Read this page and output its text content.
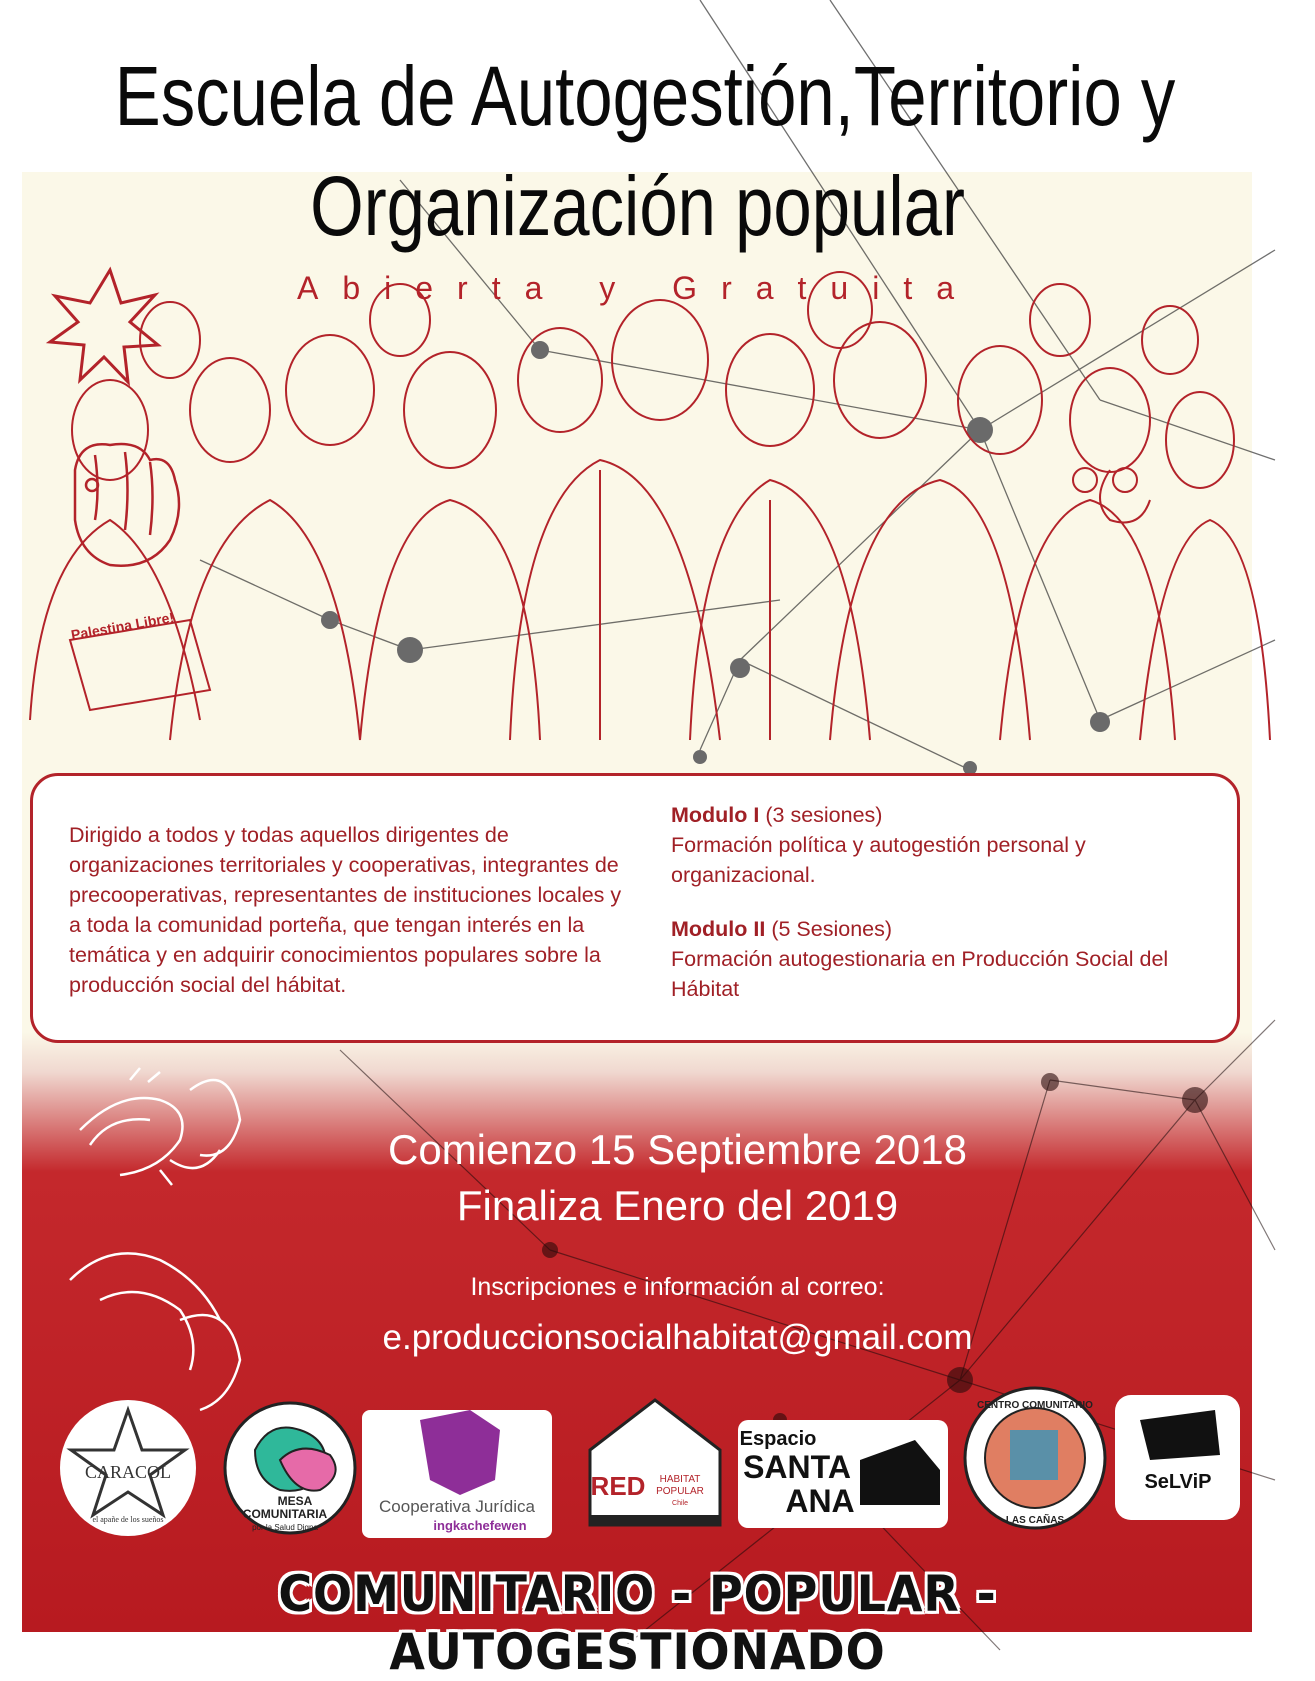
Palestina Libre!
Escuela de Autogestión,Territorio y
Organización popular
Abierta y Gratuita
Dirigido a todos y todas aquellos dirigentes de organizaciones territoriales y cooperativas, integrantes de precooperativas, representantes de instituciones locales y a toda la comunidad porteña, que tengan interés en la temática y en adquirir conocimientos populares sobre la producción social del hábitat.
Modulo I (3 sesiones)
Formación política y autogestión personal y organizacional.
Modulo II (5 Sesiones)
Formación autogestionaria en Producción Social del Hábitat
Comienzo 15 Septiembre 2018
Finaliza Enero del 2019
Inscripciones e información al correo:
e.produccionsocialhabitat@gmail.com
CARACOL
el apañe de los sueños
MESA
COMUNITARIA
por la Salud Digna
Cooperativa Jurídica
ingkachefewen
RED HABITAT
POPULAR
Chile
Espacio
SANTA
ANA
CENTRO COMUNITARIO
LAS CAÑAS
SeLViP
COMUNITARIO - POPULAR - AUTOGESTIONADO
